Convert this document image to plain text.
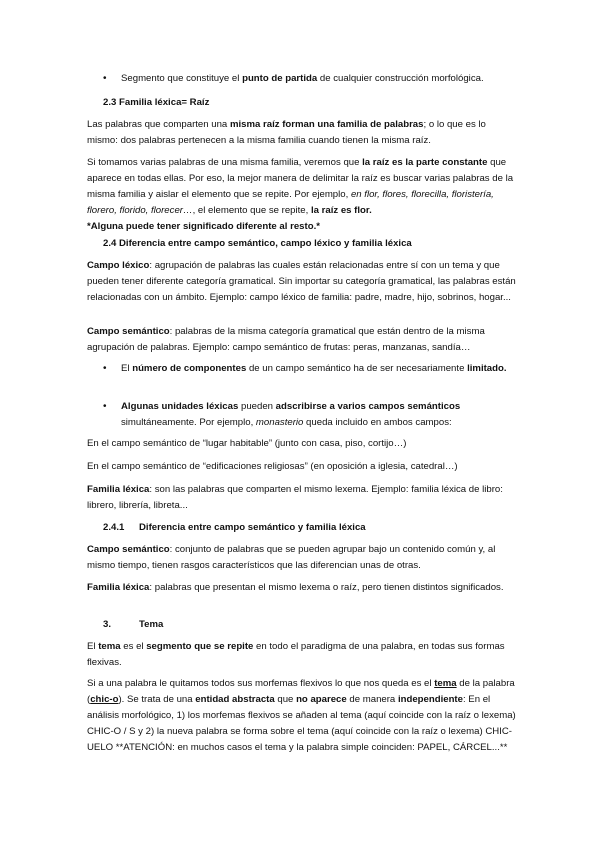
•	Segmento que constituye el punto de partida de cualquier construcción morfológica.
2.3 Familia léxica= Raíz

Las palabras que comparten una misma raíz forman una familia de palabras; o lo que es lo mismo: dos palabras pertenecen a la misma familia cuando tienen la misma raíz.

Si tomamos varias palabras de una misma familia, veremos que la raíz es la parte constante que aparece en todas ellas. Por eso, la mejor manera de delimitar la raíz es buscar varias palabras de la misma familia y aislar el elemento que se repite. Por ejemplo, en flor, flores, florecilla, floristería, florero, florido, florecer…, el elemento que se repite, la raíz es flor.

*Alguna puede tener significado diferente al resto.*

2.4 Diferencia entre campo semántico, campo léxico y familia léxica

Campo léxico: agrupación de palabras las cuales están relacionadas entre sí con un tema y que pueden tener diferente categoría gramatical. Sin importar su categoría gramatical, las palabras están relacionadas con un ámbito. Ejemplo: campo léxico de familia: padre, madre, hijo, sobrinos, hogar...

Campo semántico: palabras de la misma categoría gramatical que están dentro de la misma agrupación de palabras. Ejemplo: campo semántico de frutas: peras, manzanas, sandía…

•	El número de componentes de un campo semántico ha de ser necesariamente limitado.
•	Algunas unidades léxicas pueden adscribirse a varios campos semánticos simultáneamente. Por ejemplo, monasterio queda incluido en ambos campos:
En el campo semántico de “lugar habitable” (junto con casa, piso, cortijo…)
En el campo semántico de “edificaciones religiosas” (en oposición a iglesia, catedral…)

Familia léxica: son las palabras que comparten el mismo lexema. Ejemplo: familia léxica de libro: librero, librería, libreta...

2.4.1 Diferencia entre campo semántico y familia léxica

Campo semántico: conjunto de palabras que se pueden agrupar bajo un contenido común y, al mismo tiempo, tienen rasgos característicos que las diferencian unas de otras.

Familia léxica: palabras que presentan el mismo lexema o raíz, pero tienen distintos significados.

3.	Tema

El tema es el segmento que se repite en todo el paradigma de una palabra, en todas sus formas flexivas.

Si a una palabra le quitamos todos sus morfemas flexivos lo que nos queda es el tema de la palabra (chic-o). Se trata de una entidad abstracta que no aparece de manera independiente: En el análisis morfológico, 1) los morfemas flexivos se añaden al tema (aquí coincide con la raíz o lexema) CHIC-O / S y 2) la nueva palabra se forma sobre el tema (aquí coincide con la raíz o lexema) CHIC-UELO **ATENCIÓN: en muchos casos el tema y la palabra simple coinciden: PAPEL, CÁRCEL...**
